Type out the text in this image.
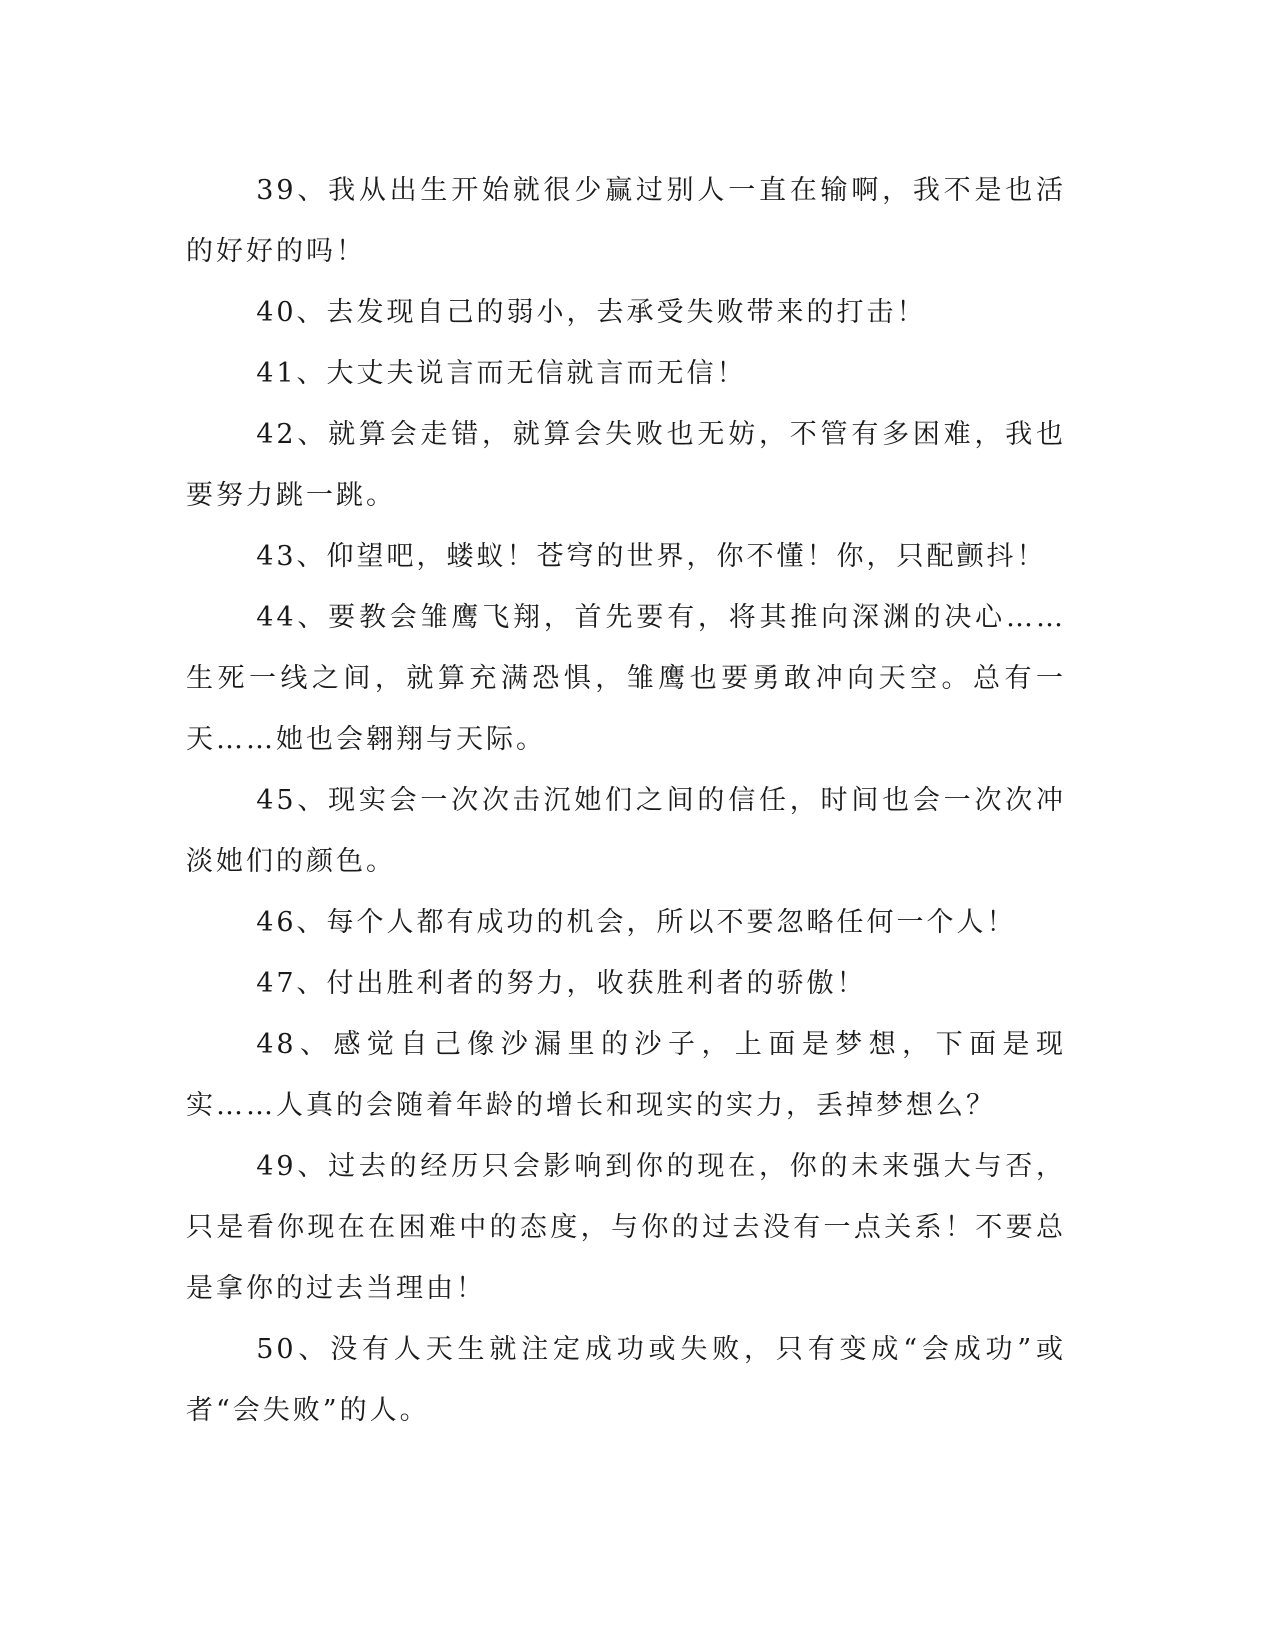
39、我从出生开始就很少赢过别人一直在输啊，我不是也活的好好的吗！

40、去发现自己的弱小，去承受失败带来的打击！

41、大丈夫说言而无信就言而无信！

42、就算会走错，就算会失败也无妨，不管有多困难，我也要努力跳一跳。

43、仰望吧，蝼蚁！苍穹的世界，你不懂！你，只配颤抖！

44、要教会雏鹰飞翔，首先要有，将其推向深渊的决心……生死一线之间，就算充满恐惧，雏鹰也要勇敢冲向天空。总有一天……她也会翱翔与天际。

45、现实会一次次击沉她们之间的信任，时间也会一次次冲淡她们的颜色。

46、每个人都有成功的机会，所以不要忽略任何一个人！

47、付出胜利者的努力，收获胜利者的骄傲！

48、感觉自己像沙漏里的沙子，上面是梦想，下面是现实……人真的会随着年龄的增长和现实的实力，丢掉梦想么？

49、过去的经历只会影响到你的现在，你的未来强大与否，只是看你现在在困难中的态度，与你的过去没有一点关系！不要总是拿你的过去当理由！

50、没有人天生就注定成功或失败，只有变成“会成功”或者“会失败”的人。
